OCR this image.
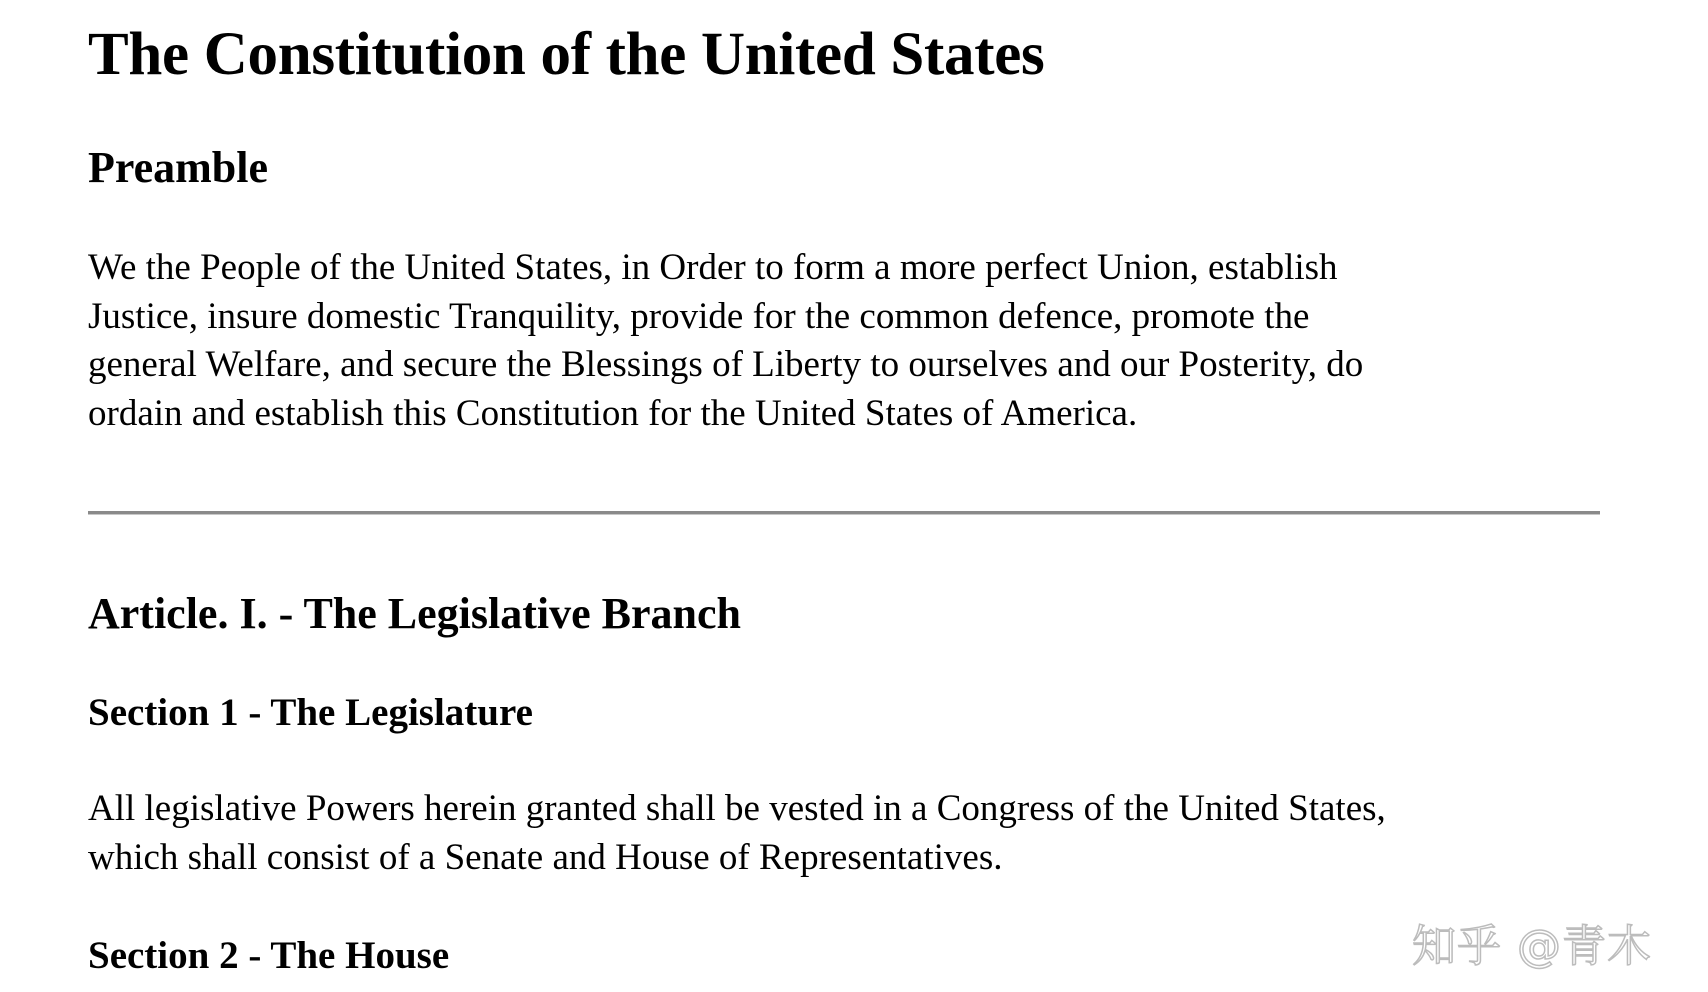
The Constitution of the United States
Preamble

We the People of the United States, in Order to form a more perfect Union, establish
Justice, insure domestic Tranquility, provide for the common defence, promote the
general Welfare, and secure the Blessings of Liberty to ourselves and our Posterity, do
ordain and establish this Constitution for the United States of America.

Article. I. - The Legislative Branch
Section 1 - The Legislature

All legislative Powers herein granted shall be vested in a Congress of the United States,
which shall consist of a Senate and House of Representatives.

Section 2 - The House	知乎 @青木
